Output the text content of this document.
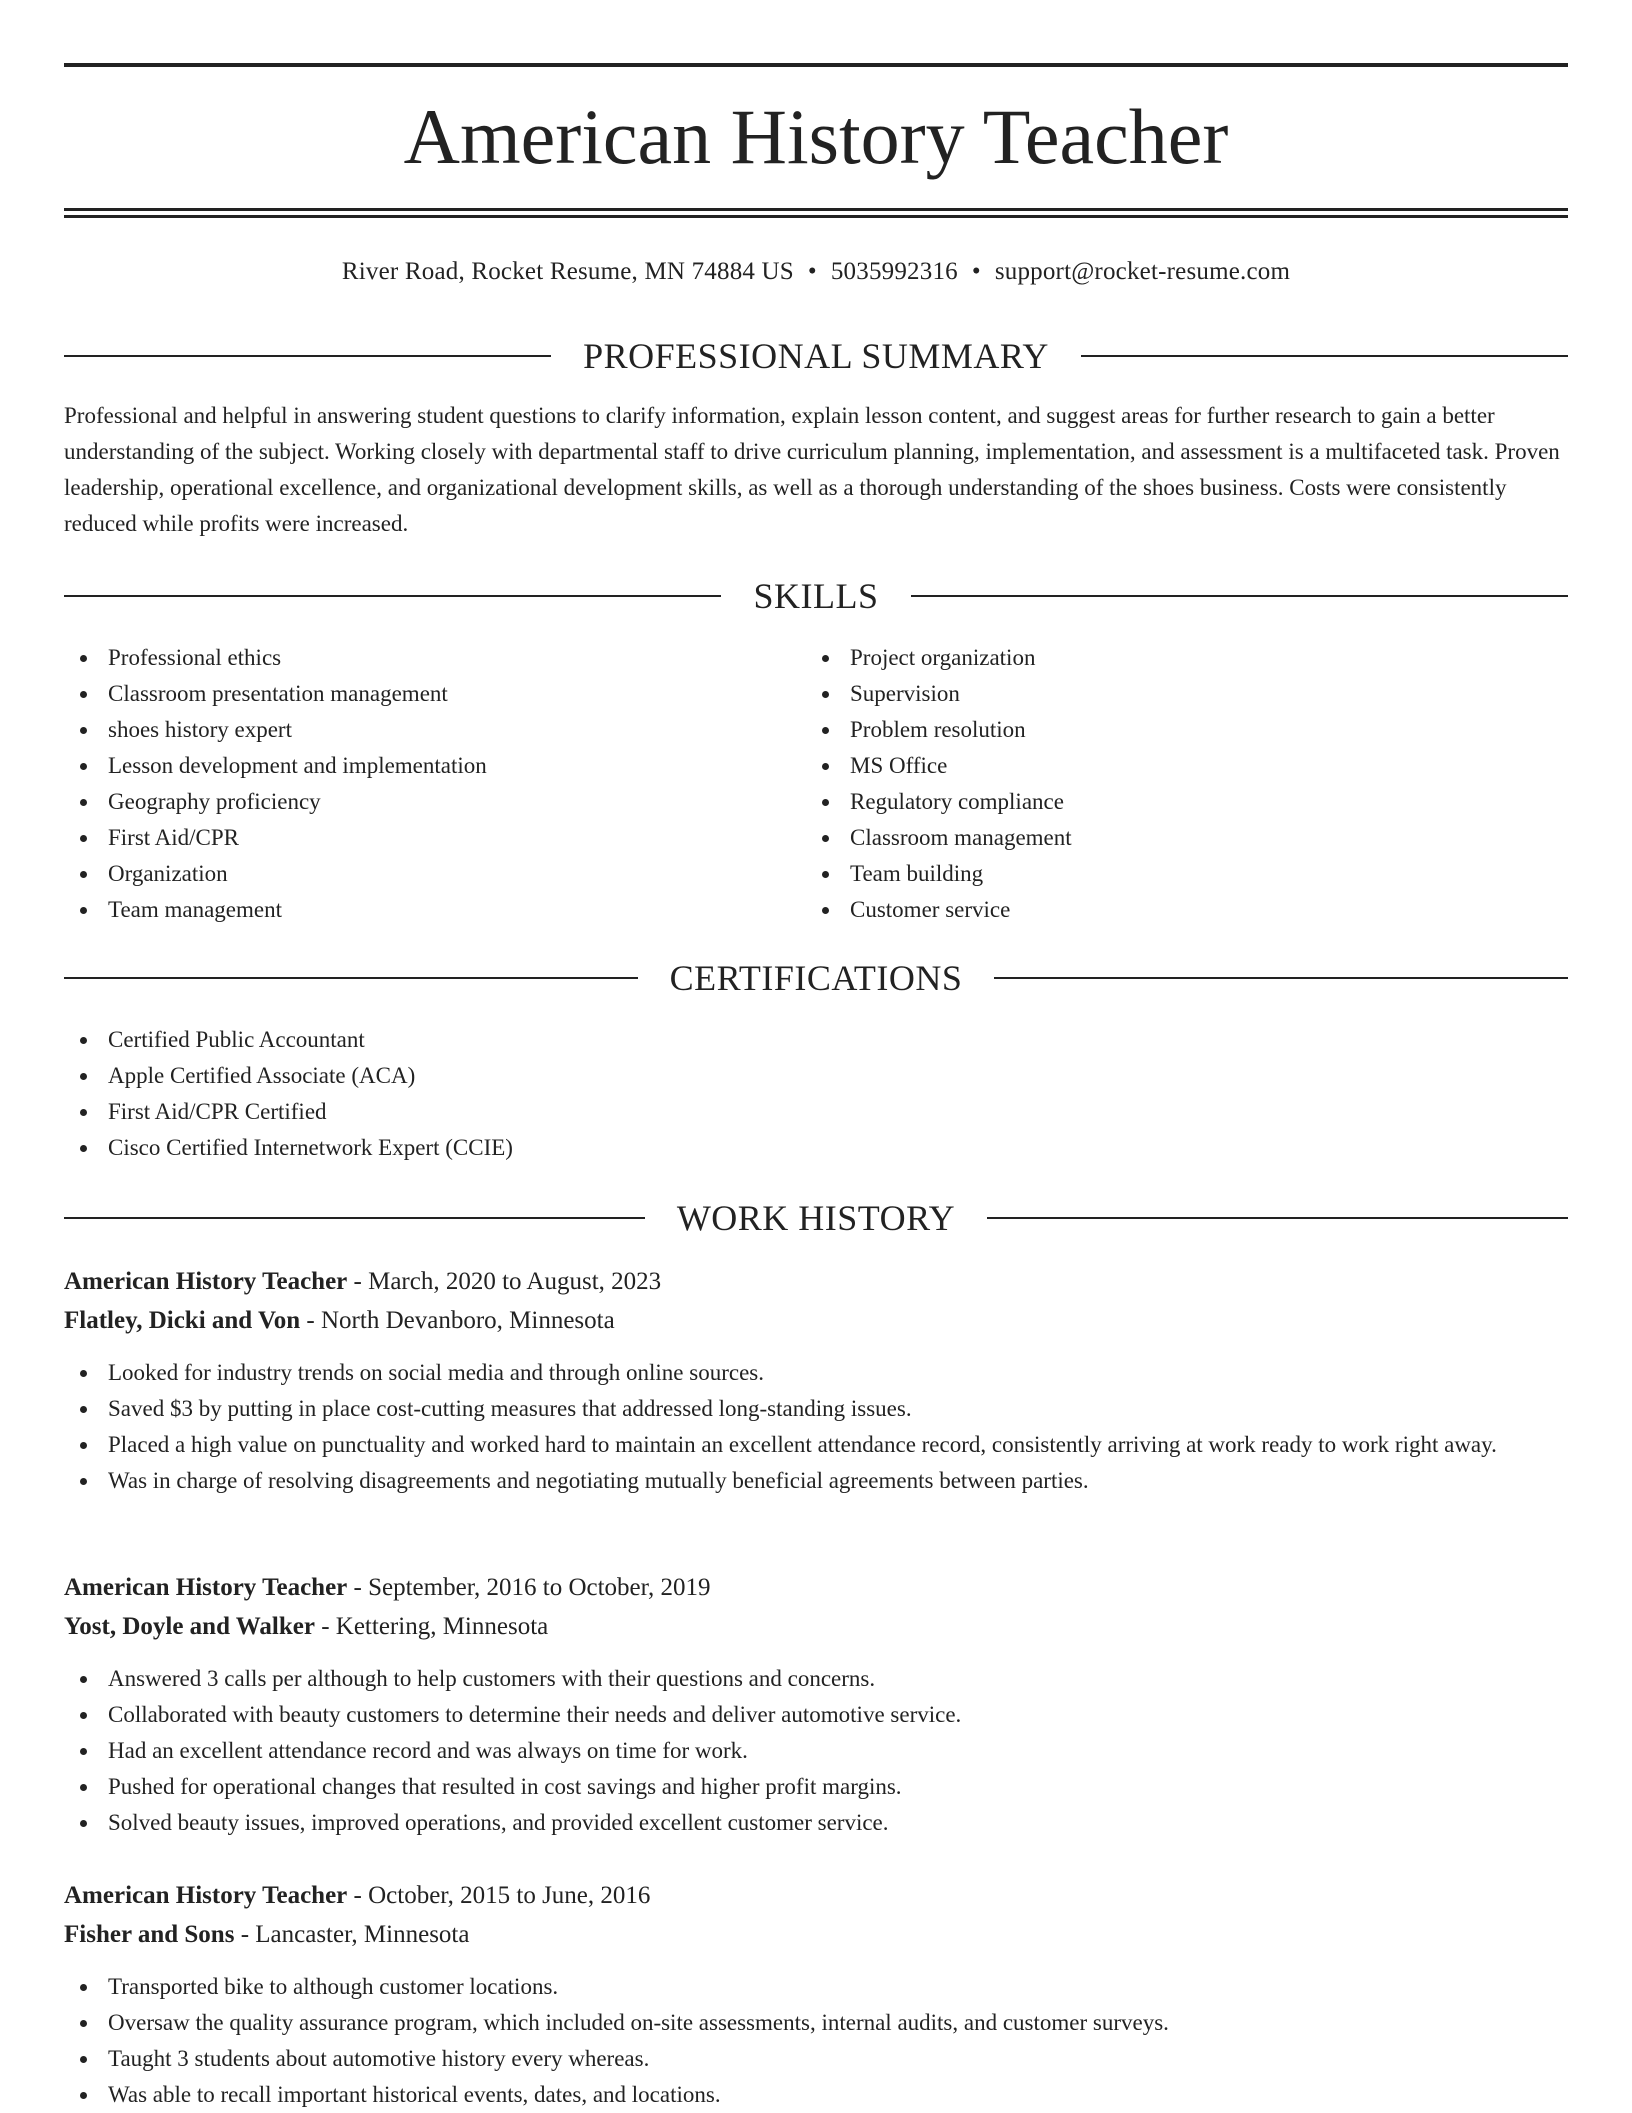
American History Teacher
River Road, Rocket Resume, MN 74884 US • 5035992316 • support@rocket-resume.com
PROFESSIONAL SUMMARY

Professional and helpful in answering student questions to clarify information, explain lesson content, and suggest areas for further research to gain a better understanding of the subject. Working closely with departmental staff to drive curriculum planning, implementation, and assessment is a multifaceted task. Proven leadership, operational excellence, and organizational development skills, as well as a thorough understanding of the shoes business. Costs were consistently reduced while profits were increased.

SKILLS
Professional ethics
Classroom presentation management
shoes history expert
Lesson development and implementation
Geography proficiency
First Aid/CPR
Organization
Team management
Project organization
Supervision
Problem resolution
MS Office
Regulatory compliance
Classroom management
Team building
Customer service
CERTIFICATIONS
Certified Public Accountant
Apple Certified Associate (ACA)
First Aid/CPR Certified
Cisco Certified Internetwork Expert (CCIE)
WORK HISTORY
American History Teacher - March, 2020 to August, 2023
Flatley, Dicki and Von - North Devanboro, Minnesota
Looked for industry trends on social media and through online sources.
Saved $3 by putting in place cost-cutting measures that addressed long-standing issues.
Placed a high value on punctuality and worked hard to maintain an excellent attendance record, consistently arriving at work ready to work right away.
Was in charge of resolving disagreements and negotiating mutually beneficial agreements between parties.
American History Teacher - September, 2016 to October, 2019
Yost, Doyle and Walker - Kettering, Minnesota
Answered 3 calls per although to help customers with their questions and concerns.
Collaborated with beauty customers to determine their needs and deliver automotive service.
Had an excellent attendance record and was always on time for work.
Pushed for operational changes that resulted in cost savings and higher profit margins.
Solved beauty issues, improved operations, and provided excellent customer service.
American History Teacher - October, 2015 to June, 2016
Fisher and Sons - Lancaster, Minnesota
Transported bike to although customer locations.
Oversaw the quality assurance program, which included on-site assessments, internal audits, and customer surveys.
Taught 3 students about automotive history every whereas.
Was able to recall important historical events, dates, and locations.
